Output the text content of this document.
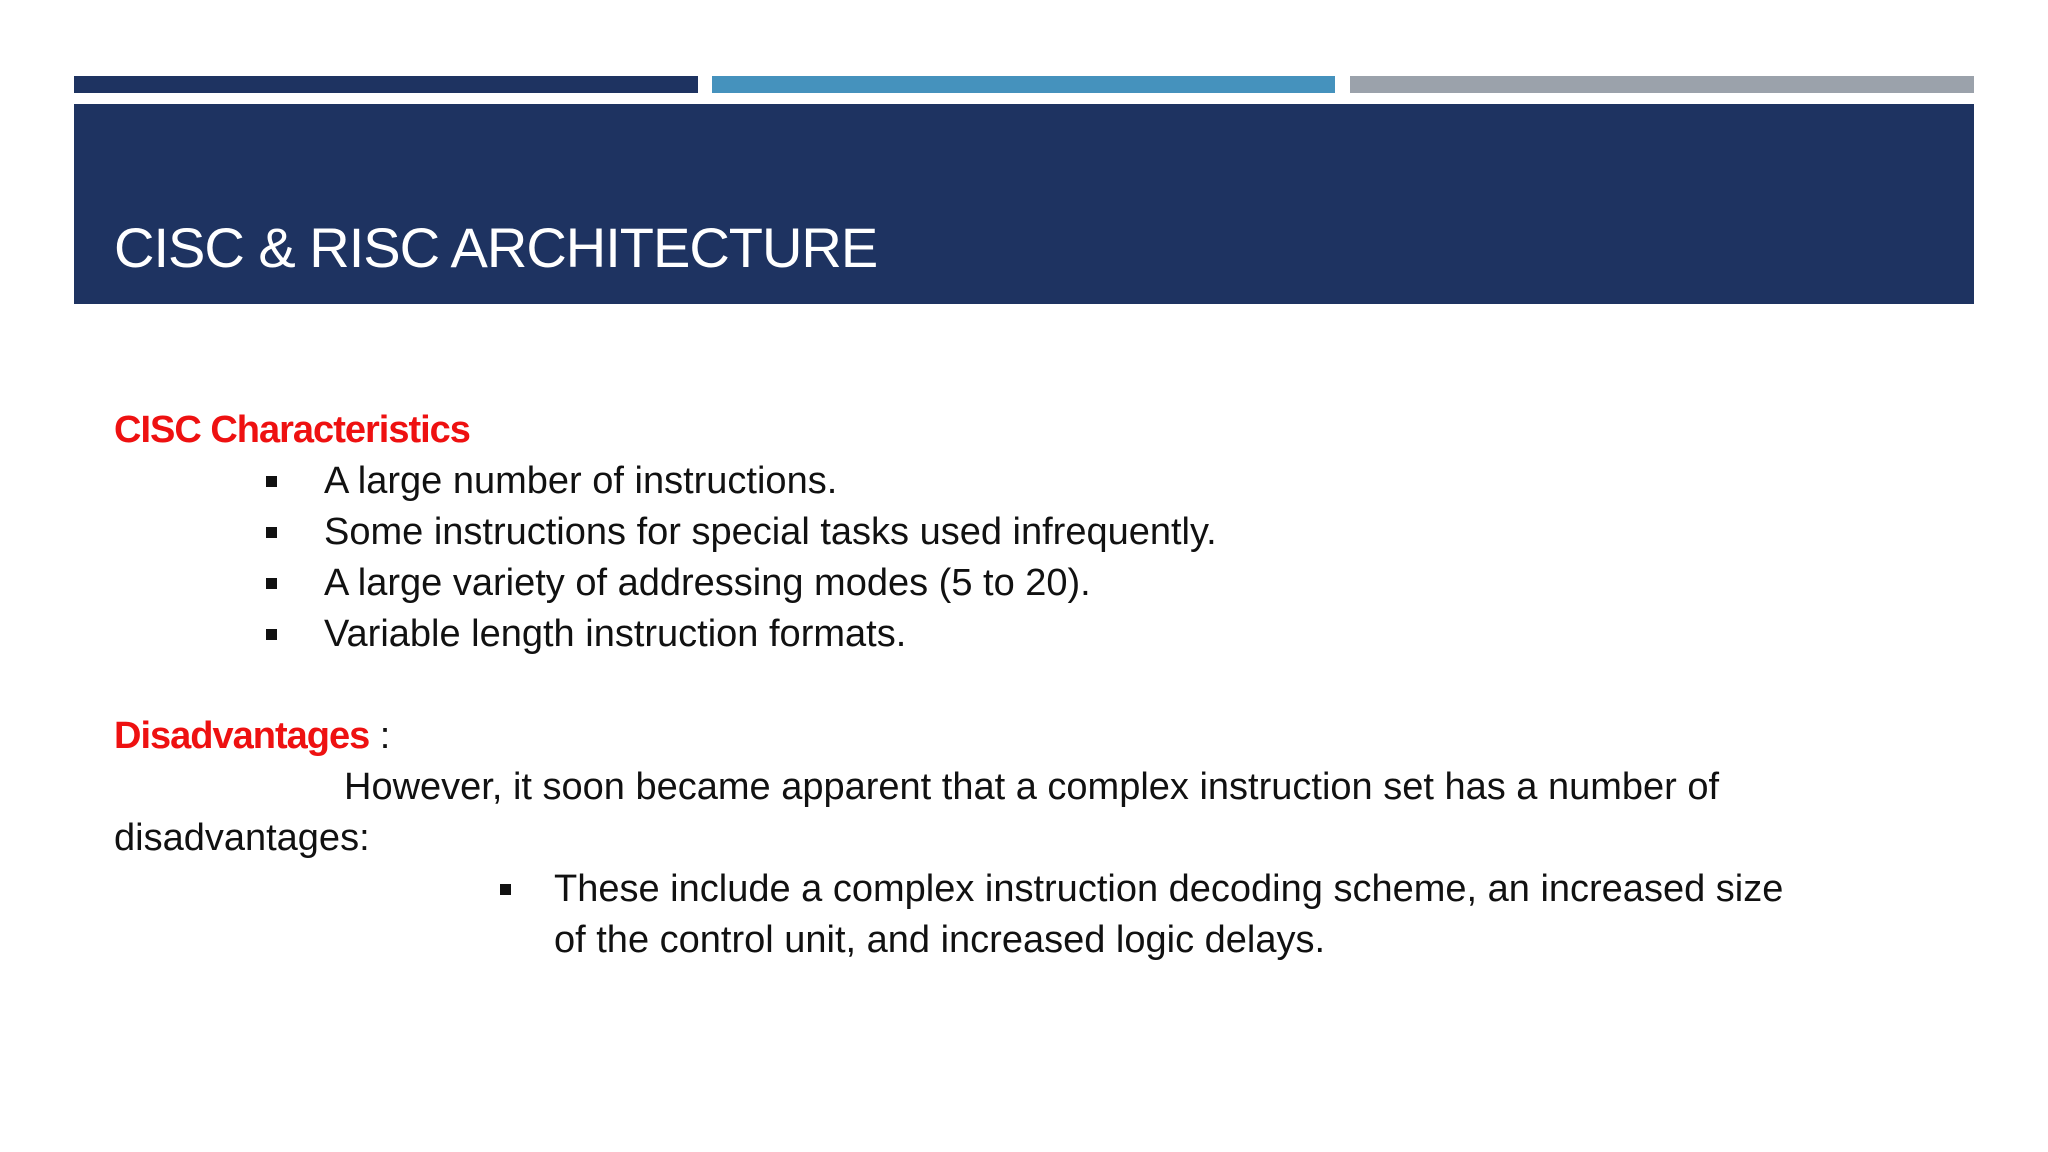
CISC & RISC ARCHITECTURE

CISC Characteristics

A large number of instructions.
Some instructions for special tasks used infrequently.
A large variety of addressing modes (5 to 20).
Variable length instruction formats.

Disadvantages :

However, it soon became apparent that a complex instruction set has a number of disadvantages:

These include a complex instruction decoding scheme, an increased size of the control unit, and increased logic delays.
